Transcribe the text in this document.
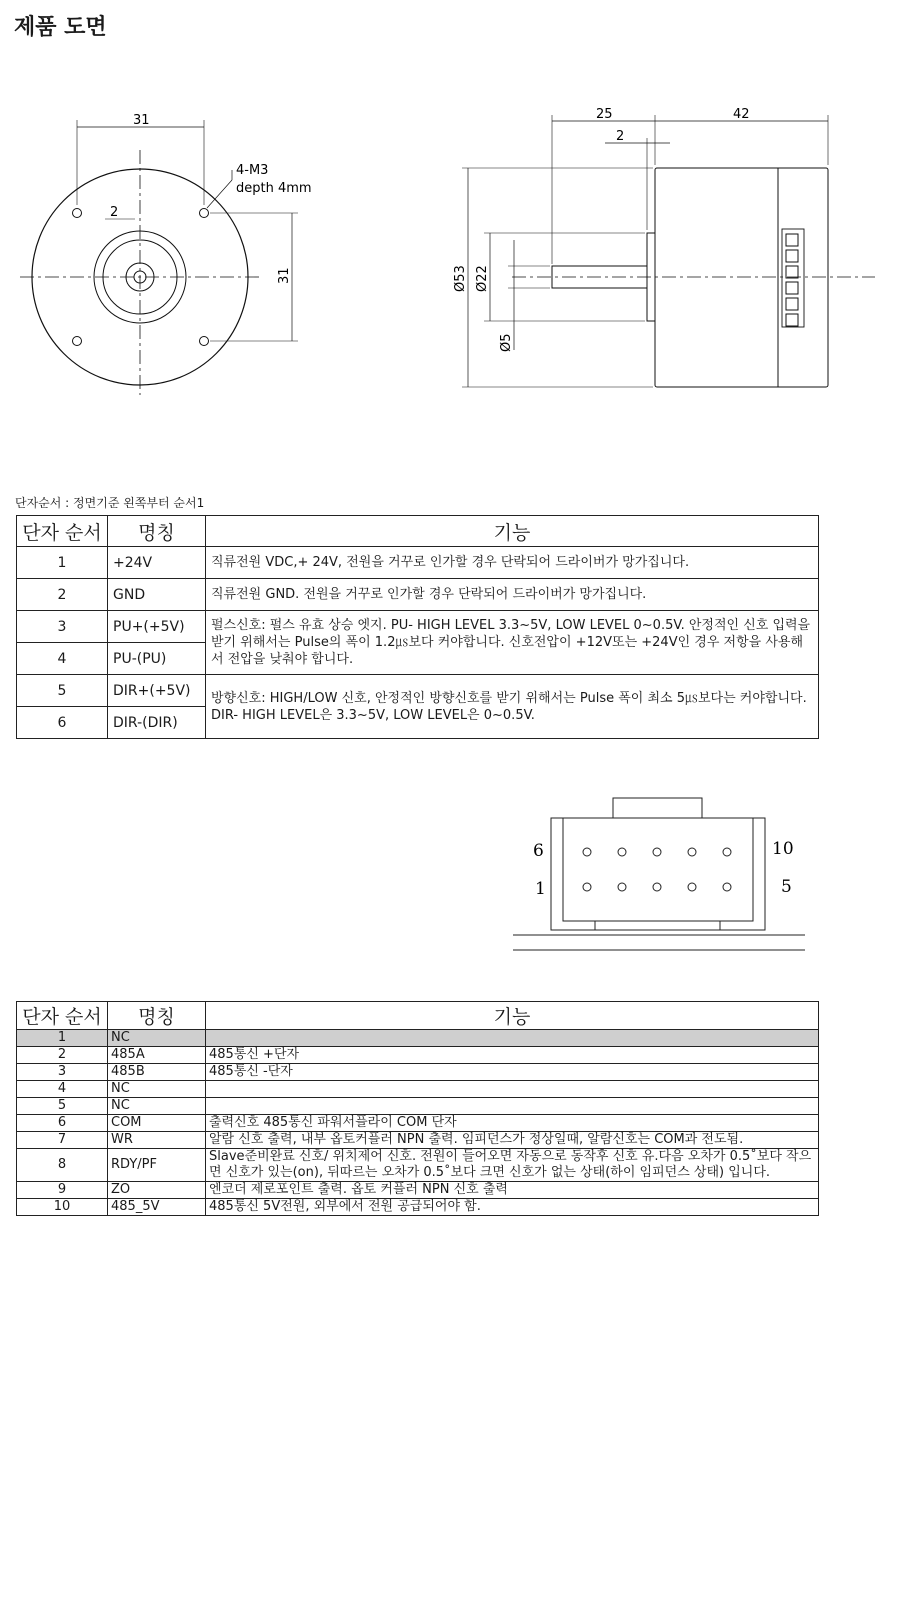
제품 도면
31
31
2
4-M3
depth 4mm
25	42
2
Ø53 Ø22
Ø5
단자순서 : 정면기준 왼쪽부터 순서1
단자 순서	명칭	기능
1	+24V	직류전원 VDC,+ 24V, 전원을 거꾸로 인가할 경우 단락되어 드라이버가 망가집니다.
2	GND	직류전원 GND. 전원을 거꾸로 인가할 경우 단락되어 드라이버가 망가집니다.
3	PU+(+5V)	펄스신호: 펄스 유효 상승 엣지. PU- HIGH LEVEL 3.3~5V, LOW LEVEL 0~0.5V. 안정적인 신호 입력을 받기 위해서는 Pulse의 폭이 1.2㎲보다 커야합니다. 신호전압이 +12V또는 +24V인 경우 저항을 사용해서 전압을 낮춰야 합니다.
4	PU-(PU)	
5	DIR+(+5V)	방향신호: HIGH/LOW 신호, 안정적인 방향신호를 받기 위해서는 Pulse 폭이 최소 5㎲보다는 커야합니다. DIR- HIGH LEVEL은 3.3~5V, LOW LEVEL은 0~0.5V.
6	DIR-(DIR)	
6	10
1	5
단자 순서	명칭	기능
1	NC	
2	485A	485통신 +단자
3	485B	485통신 -단자
4	NC	
5	NC	
6	COM	출력신호 485통신 파워서플라이 COM 단자
7	WR	알람 신호 출력, 내부 옵토커플러 NPN 출력. 임피던스가 정상일때, 알람신호는 COM과 전도됨.
8	RDY/PF	Slave준비완료 신호/ 위치제어 신호. 전원이 들어오면 자동으로 동작후 신호 유.다음 오차가 0.5˚보다 작으면 신호가 있는(on), 뒤따르는 오차가 0.5˚보다 크면 신호가 없는 상태(하이 임피던스 상태) 입니다.
9	ZO	엔코더 제로포인트 출력. 옵토 커플러 NPN 신호 출력
10	485_5V	485통신 5V전원, 외부에서 전원 공급되어야 함.
